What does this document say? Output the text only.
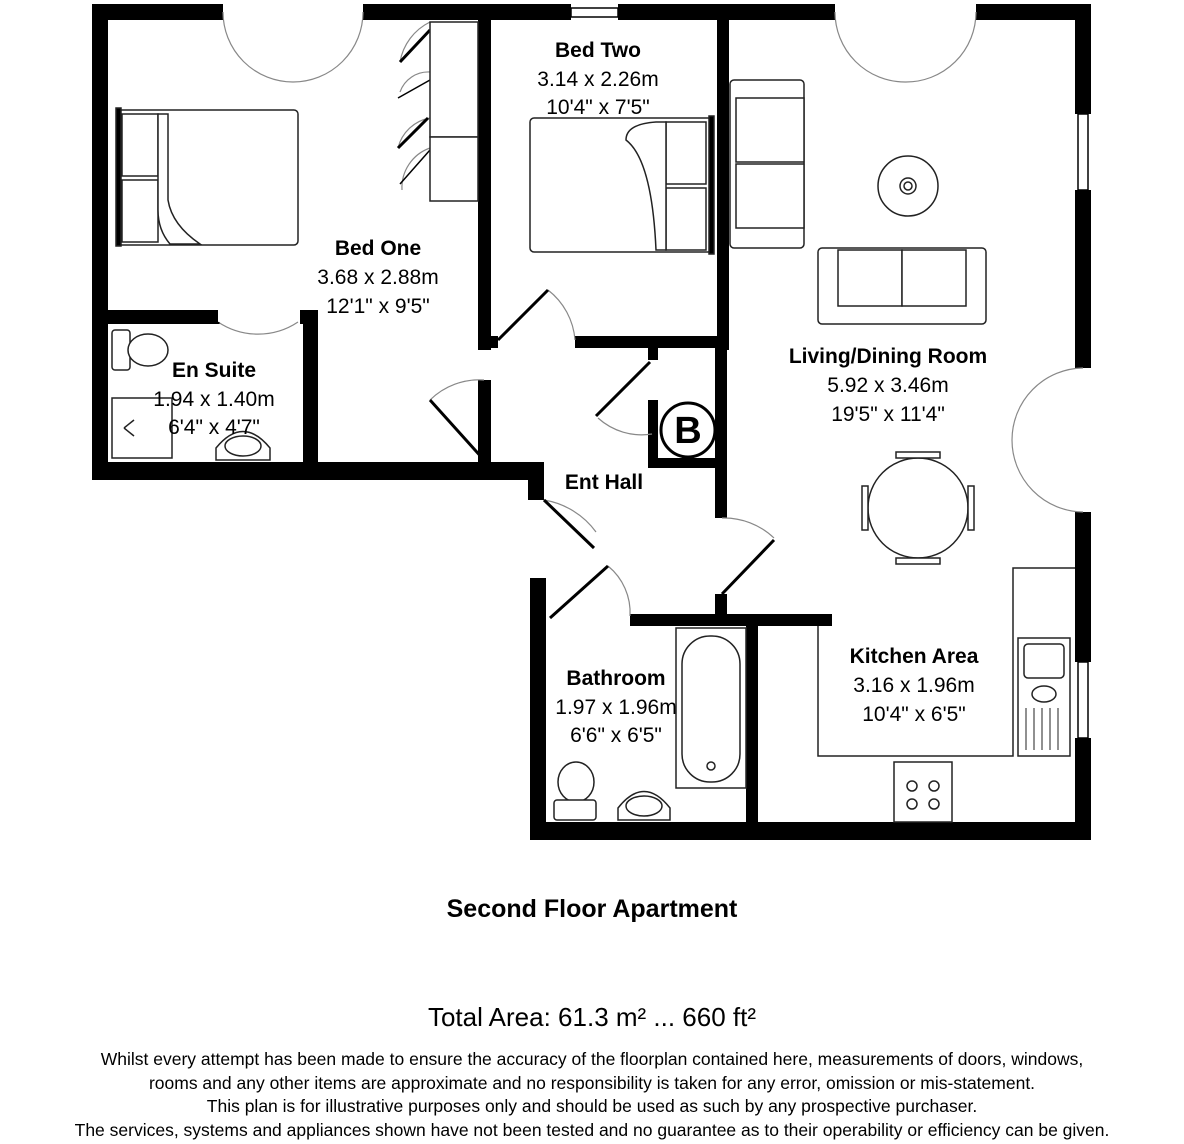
B
Bed Two
3.14 x 2.26m
10'4" x 7'5"
Bed One
3.68 x 2.88m
12'1" x 9'5"
En Suite
1.94 x 1.40m
6'4" x 4'7"
Living/Dining Room
5.92 x 3.46m
19'5" x 11'4"
Ent Hall
Bathroom
1.97 x 1.96m
6'6" x 6'5"
Kitchen Area
3.16 x 1.96m
10'4" x 6'5"
Second Floor Apartment
Total Area: 61.3 m² ... 660 ft²
Whilst every attempt has been made to ensure the accuracy of the floorplan contained here, measurements of doors, windows,
rooms and any other items are approximate and no responsibility is taken for any error, omission or mis-statement.
This plan is for illustrative purposes only and should be used as such by any prospective purchaser.
The services, systems and appliances shown have not been tested and no guarantee as to their operability or efficiency can be given.
